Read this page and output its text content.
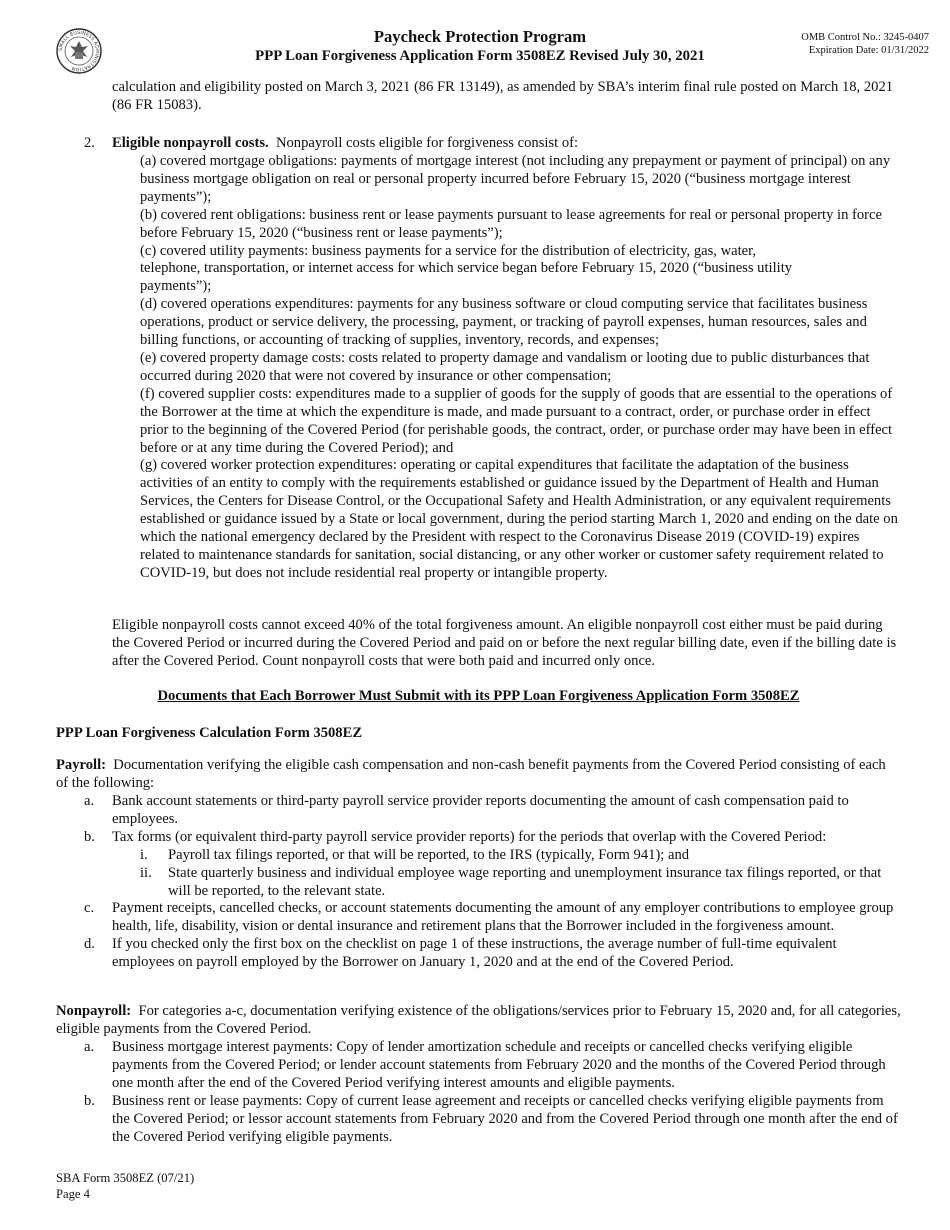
SMALL BUSINESS ADMINISTRATION
Paycheck Protection Program
PPP Loan Forgiveness Application Form 3508EZ Revised July 30, 2021
OMB Control No.: 3245-0407
Expiration Date: 01/31/2022

calculation and eligibility posted on March 3, 2021 (86 FR 13149), as amended by SBA’s interim final rule posted on March 18, 2021 (86 FR 15083).

2. Eligible nonpayroll costs. Nonpayroll costs eligible for forgiveness consist of:

(a) covered mortgage obligations: payments of mortgage interest (not including any prepayment or payment of principal) on any business mortgage obligation on real or personal property incurred before February 15, 2020 (“business mortgage interest payments”);

(b) covered rent obligations: business rent or lease payments pursuant to lease agreements for real or personal property in force before February 15, 2020 (“business rent or lease payments”);

(c) covered utility payments: business payments for a service for the distribution of electricity, gas, water, telephone, transportation, or internet access for which service began before February 15, 2020 (“business utility payments”);

(d) covered operations expenditures: payments for any business software or cloud computing service that facilitates business operations, product or service delivery, the processing, payment, or tracking of payroll expenses, human resources, sales and billing functions, or accounting of tracking of supplies, inventory, records, and expenses;

(e) covered property damage costs: costs related to property damage and vandalism or looting due to public disturbances that occurred during 2020 that were not covered by insurance or other compensation;

(f) covered supplier costs: expenditures made to a supplier of goods for the supply of goods that are essential to the operations of the Borrower at the time at which the expenditure is made, and made pursuant to a contract, order, or purchase order in effect prior to the beginning of the Covered Period (for perishable goods, the contract, order, or purchase order may have been in effect before or at any time during the Covered Period); and

(g) covered worker protection expenditures: operating or capital expenditures that facilitate the adaptation of the business activities of an entity to comply with the requirements established or guidance issued by the Department of Health and Human Services, the Centers for Disease Control, or the Occupational Safety and Health Administration, or any equivalent requirements established or guidance issued by a State or local government, during the period starting March 1, 2020 and ending on the date on which the national emergency declared by the President with respect to the Coronavirus Disease 2019 (COVID-19) expires related to maintenance standards for sanitation, social distancing, or any other worker or customer safety requirement related to COVID-19, but does not include residential real property or intangible property.

Eligible nonpayroll costs cannot exceed 40% of the total forgiveness amount. An eligible nonpayroll cost either must be paid during the Covered Period or incurred during the Covered Period and paid on or before the next regular billing date, even if the billing date is after the Covered Period. Count nonpayroll costs that were both paid and incurred only once.

Documents that Each Borrower Must Submit with its PPP Loan Forgiveness Application Form 3508EZ

PPP Loan Forgiveness Calculation Form 3508EZ

Payroll: Documentation verifying the eligible cash compensation and non-cash benefit payments from the Covered Period consisting of each of the following:

a. Bank account statements or third-party payroll service provider reports documenting the amount of cash compensation paid to employees.
b. Tax forms (or equivalent third-party payroll service provider reports) for the periods that overlap with the Covered Period:
i.	Payroll tax filings reported, or that will be reported, to the IRS (typically, Form 941); and
ii.	State quarterly business and individual employee wage reporting and unemployment insurance tax filings reported, or that will be reported, to the relevant state.
c. Payment receipts, cancelled checks, or account statements documenting the amount of any employer contributions to employee group health, life, disability, vision or dental insurance and retirement plans that the Borrower included in the forgiveness amount.
d. If you checked only the first box on the checklist on page 1 of these instructions, the average number of full-time equivalent employees on payroll employed by the Borrower on January 1, 2020 and at the end of the Covered Period.

Nonpayroll: For categories a-c, documentation verifying existence of the obligations/services prior to February 15, 2020 and, for all categories, eligible payments from the Covered Period.

a. Business mortgage interest payments: Copy of lender amortization schedule and receipts or cancelled checks verifying eligible payments from the Covered Period; or lender account statements from February 2020 and the months of the Covered Period through one month after the end of the Covered Period verifying interest amounts and eligible payments.
b. Business rent or lease payments: Copy of current lease agreement and receipts or cancelled checks verifying eligible payments from the Covered Period; or lessor account statements from February 2020 and from the Covered Period through one month after the end of the Covered Period verifying eligible payments.
SBA Form 3508EZ (07/21)
Page 4
